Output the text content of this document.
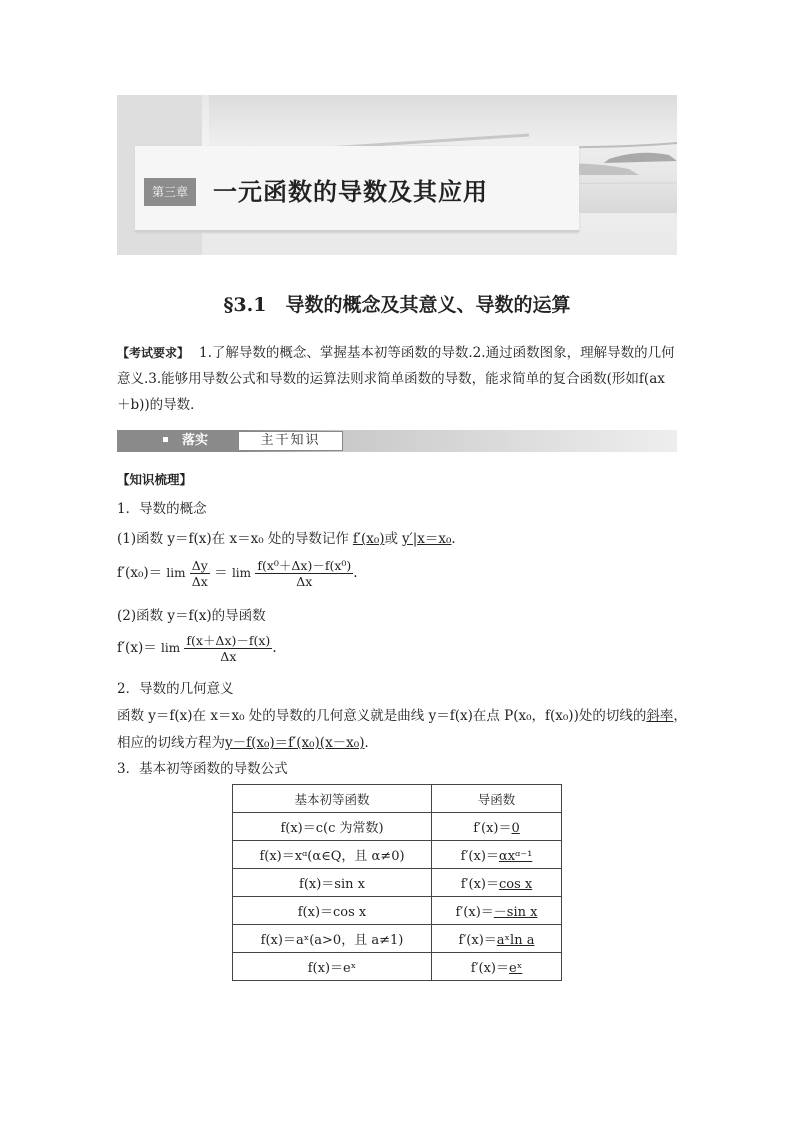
第三章	一元函数的导数及其应用
§3.1　导数的概念及其意义、导数的运算
【考试要求】 1.了解导数的概念、掌握基本初等函数的导数.2.通过函数图象，理解导数的几何意义.3.能够用导数公式和导数的运算法则求简单函数的导数，能求简单的复合函数(形如f(ax＋b))的导数．
落实	主干知识
【知识梳理】
1．导数的概念
(1)函数 y＝f(x)在 x＝x₀ 处的导数记作 f′(x₀)或 y′|x＝x₀.
$f'(x_0)= \lim \frac{\Delta y}{\Delta x} = \lim \frac{\text{f(x⁰＋Δx)－f(x⁰)}}{\Delta x}$ .
(2)函数 y＝f(x)的导函数
$f'(x)= \lim \frac{f(x+\Delta x)-f(x)}{\Delta x}$ .
2．导数的几何意义
函数 y＝f(x)在 x＝x₀ 处的导数的几何意义就是曲线 y＝f(x)在点 P(x₀，f(x₀))处的切线的斜率，
相应的切线方程为y－f(x₀)＝f′(x₀)(x－x₀)．
3．基本初等函数的导数公式
基本初等函数	导函数
f(x)＝c(c 为常数)	f′(x)＝0
f(x)＝xᵅ(α∈Q，且 α≠0)	f′(x)＝αxᵅ⁻¹
f(x)＝sin x	f′(x)＝cos x
f(x)＝cos x	f′(x)＝－sin x
f(x)＝aˣ(a>0，且 a≠1)	f′(x)＝aˣln a
f(x)＝eˣ	f′(x)＝eˣ
